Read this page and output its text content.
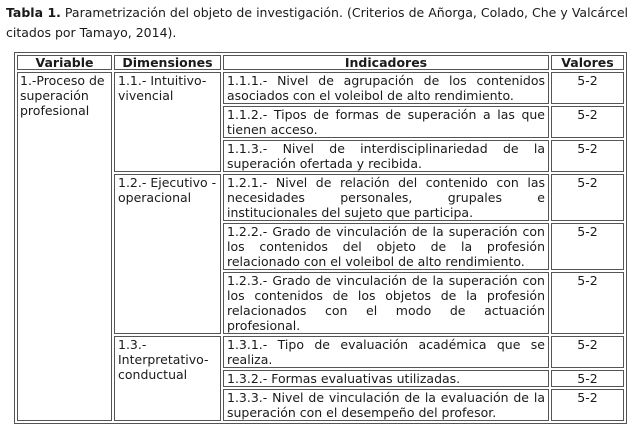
Tabla 1. Parametrización del objeto de investigación. (Criterios de Añorga, Colado, Che y Valcárcel citados por Tamayo, 2014).
Variable	Dimensiones	Indicadores	Valores
1.-Proceso de superación profesional	1.1.- Intuitivo-vivencial	1.1.1.- Nivel de agrupación de los contenidos asociados con el voleibol de alto rendimiento.	5-2
		1.1.2.- Tipos de formas de superación a las que tienen acceso.	5-2
		1.1.3.- Nivel de interdisciplinariedad de la superación ofertada y recibida.	5-2
	1.2.- Ejecutivo -operacional	1.2.1.- Nivel de relación del contenido con las necesidades personales, grupales e institucionales del sujeto que participa.	5-2
		1.2.2.- Grado de vinculación de la superación con los contenidos del objeto de la profesión relacionado con el voleibol de alto rendimiento.	5-2
		1.2.3.- Grado de vinculación de la superación con los contenidos de los objetos de la profesión relacionados con el modo de actuación profesional.	5-2
	1.3.- Interpretativo-conductual	1.3.1.- Tipo de evaluación académica que se realiza.	5-2
		1.3.2.- Formas evaluativas utilizadas.	5-2
		1.3.3.- Nivel de vinculación de la evaluación de la superación con el desempeño del profesor.	5-2
